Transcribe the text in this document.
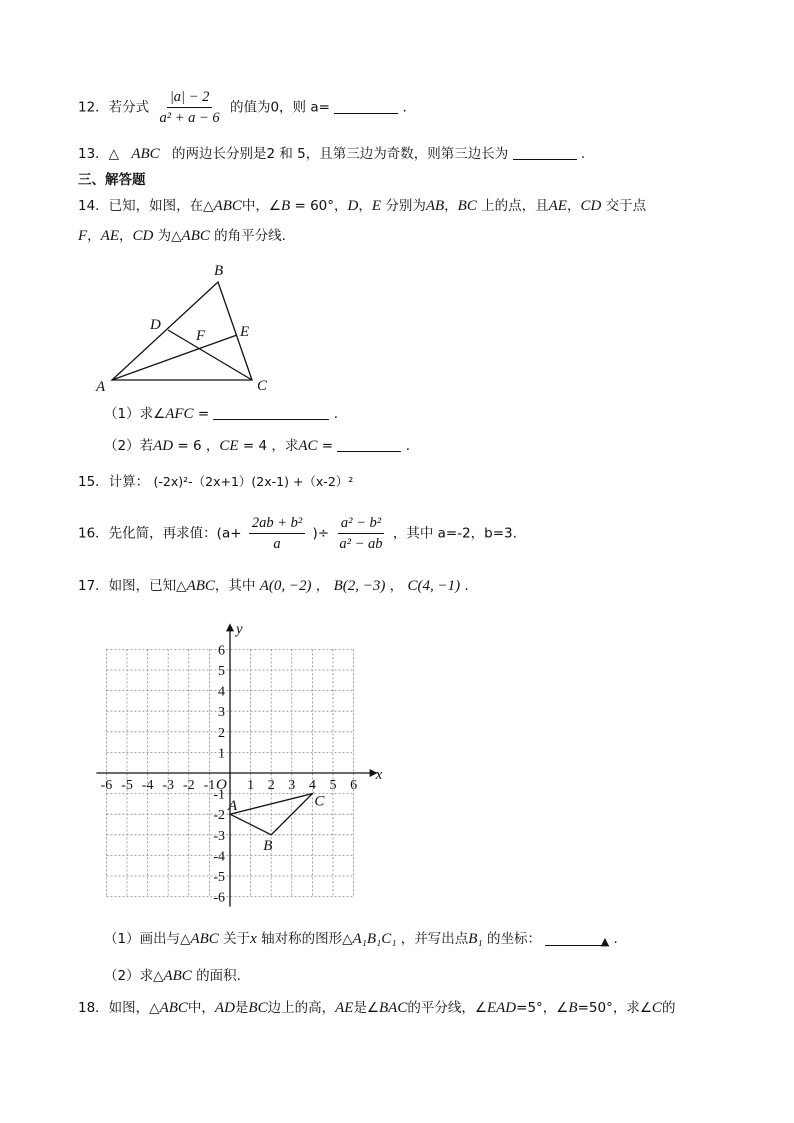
12．若分式 $\frac{|a| - 2}{\text{a² + a − 6}}$ 的值为0，则 a=	.
13．△ ABC 的两边长分别是2 和 5，且第三边为奇数，则第三边长为	.
三、解答题
14．已知，如图，在△ABC中，∠B = 60°，D，E 分别为AB，BC 上的点，且AE，CD 交于点
F，AE，CD 为△ABC 的角平分线.
B
D	E
F
A	C
（1）求∠AFC =	.
（2）若AD = 6 ，CE = 4 ，求AC =	.
15．计算： (-2x)²-（2x+1）(2x-1) +（x-2）²
16．先化简，再求值：($a+ \frac{\text{2ab + b²}}{a}$ )÷ $\frac{\text{a² − b²}}{\text{a² − ab}}$ ，其中 a=-2，b=3.
17．如图，已知△ABC，其中 A(0, −2) ， B(2, −3) ， C(4, −1) .
-6 -5 -4 -3 -2 -1 1 2 3 4 5 6
6
5
4
3
2
1
-1
-2
-3
-4
-5
-6
O
x
y
A
B
C
（1）画出与△ABC 关于x 轴对称的图形△A₁B₁C₁ ，并写出点B₁ 的坐标：	▲ .
（2）求△ABC 的面积.
18．如图，△ABC中，AD是BC边上的高，AE是∠BAC的平分线，∠EAD=5°，∠B=50°，求∠C的
